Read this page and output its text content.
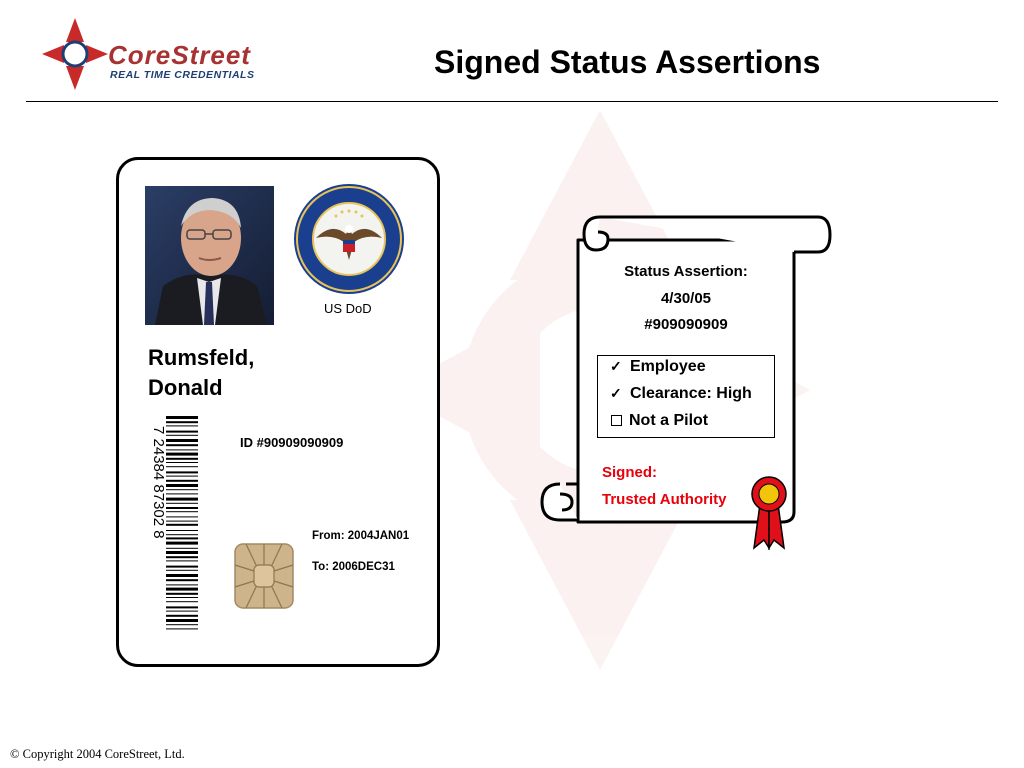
CoreStreet
REAL TIME CREDENTIALS	Signed Status Assertions
US DoD
Rumsfeld,
Donald
7 24384 87302 8	ID #90909090909
From: 2004JAN01
To: 2006DEC31
Status Assertion:
4/30/05
#909090909
✓ Employee
✓ Clearance: High
Not a Pilot
Signed:
Trusted Authority
© Copyright 2004 CoreStreet, Ltd.
